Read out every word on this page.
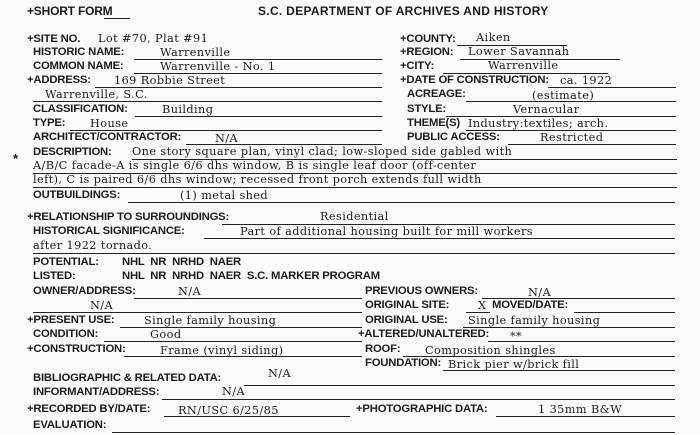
+SHORT FORM	S.C. DEPARTMENT OF ARCHIVES AND HISTORY
+SITE NO. Lot #70, Plat #91	+COUNTY: Aiken
HISTORIC NAME:	Warrenville	+REGION: Lower Savannah
COMMON NAME:	Warrenville - No. 1	+CITY:	Warrenville
+ADDRESS: 169 Robbie Street	+DATE OF CONSTRUCTION: ca. 1922
Warrenville, S.C.	ACREAGE:	(estimate)
CLASSIFICATION:	Building	STYLE:	Vernacular
TYPE: House	THEME(S) Industry:textiles; arch.
ARCHITECT/CONTRACTOR:	N/A	PUBLIC ACCESS:	Restricted
* DESCRIPTION: One story square plan, vinyl clad; low-sloped side gabled with
A/B/C facade-A is single 6/6 dhs window, B is single leaf door (off-center
left), C is paired 6/6 dhs window; recessed front porch extends full width
OUTBUILDINGS:	(1) metal shed
+RELATIONSHIP TO SURROUNDINGS:	Residential
HISTORICAL SIGNIFICANCE:	Part of additional housing built for mill workers
after 1922 tornado.
POTENTIAL: NHL  NR  NRHD  NAER
LISTED:	NHL  NR  NRHD  NAER  S.C. MARKER PROGRAM
OWNER/ADDRESS:	N/A
N/A
PREVIOUS OWNERS:	N/A
ORIGINAL SITE:	X MOVED/DATE:
+PRESENT USE:	Single family housing	ORIGINAL USE: Single family housing
CONDITION:	Good	+ALTERED/UNALTERED: **
+CONSTRUCTION:	Frame (vinyl siding)	ROOF: Composition shingles
FOUNDATION: Brick pier w/brick fill
BIBLIOGRAPHIC & RELATED DATA:	N/A
INFORMANT/ADDRESS:	N/A
+RECORDED BY/DATE: RN/USC 6/25/85	+PHOTOGRAPHIC DATA:	1 35mm B&W
EVALUATION:
